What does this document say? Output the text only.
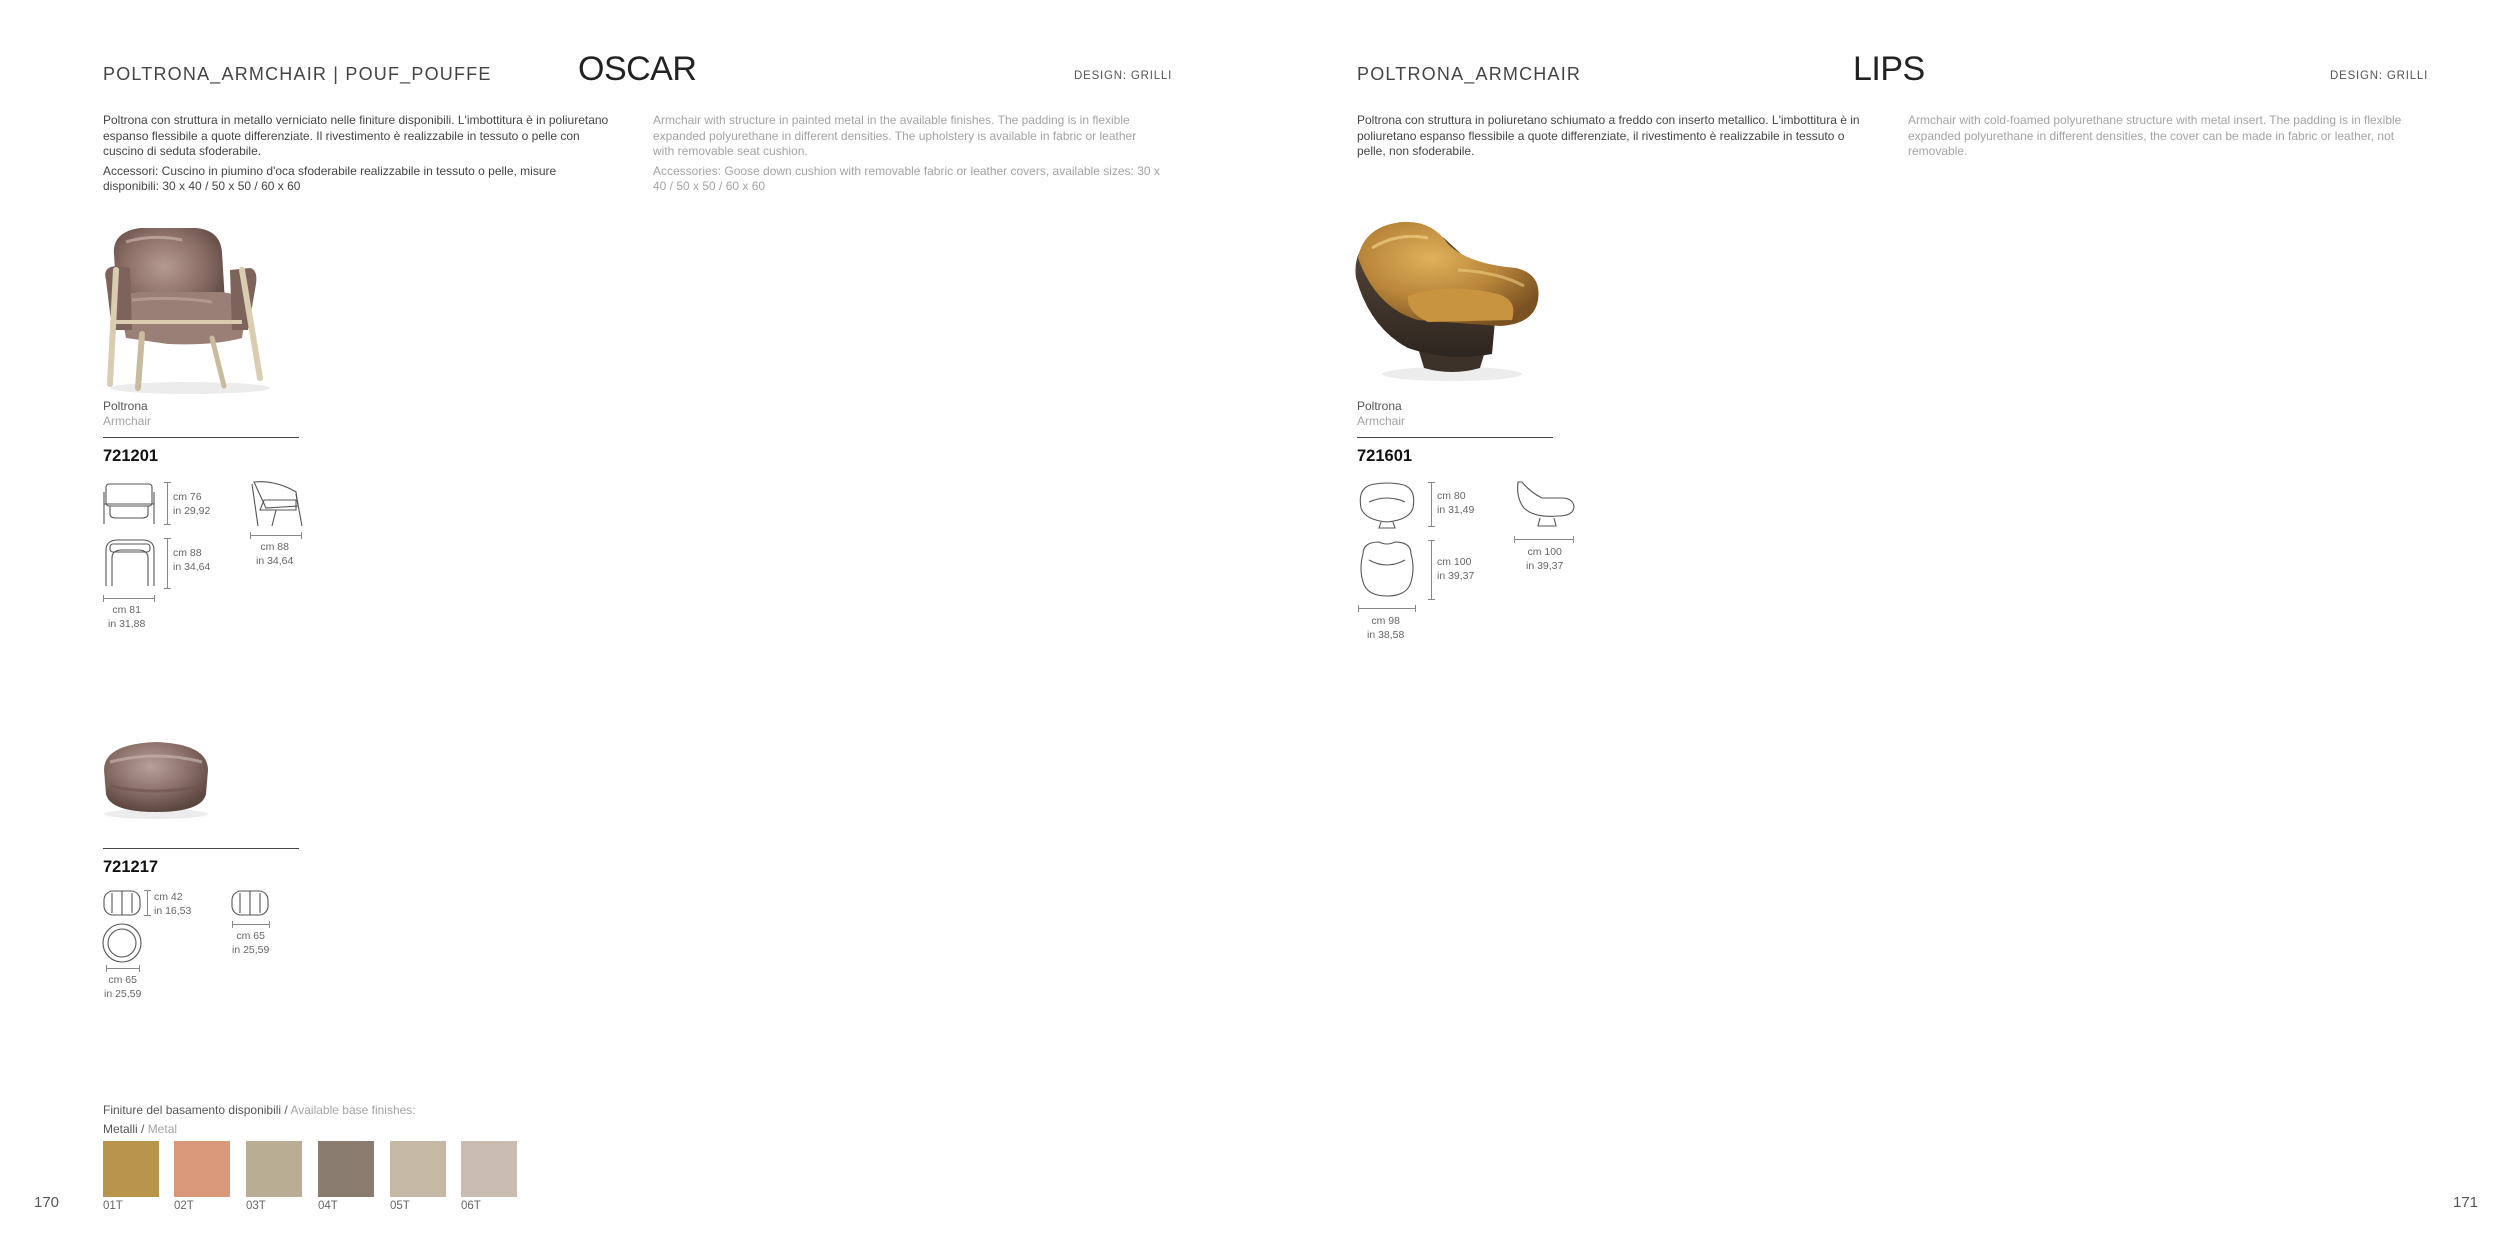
POLTRONA_ARMCHAIR | POUF_POUFFE	OSCAR	DESIGN: GRILLI

Poltrona con struttura in metallo verniciato nelle finiture disponibili. L'imbottitura è in poliuretano espanso flessibile a quote differenziate. Il rivestimento è realizzabile in tessuto o pelle con cuscino di seduta sfoderabile.

Accessori: Cuscino in piumino d'oca sfoderabile realizzabile in tessuto o pelle, misure disponibili: 30 x 40 / 50 x 50 / 60 x 60

Armchair with structure in painted metal in the available finishes. The padding is in flexible expanded polyurethane in different densities. The upholstery is available in fabric or leather with removable seat cushion.

Accessories: Goose down cushion with removable fabric or leather covers, available sizes: 30 x 40 / 50 x 50 / 60 x 60

Poltrona
Armchair
721201
cm 76
in 29,92
cm 88
in 34,64
cm 81
in 31,88
cm 88
in 34,64
721217
cm 42
in 16,53
cm 65
in 25,59
cm 65
in 25,59
Finiture del basamento disponibili / Available base finishes:
Metalli / Metal
01T	02T	03T	04T	05T	06T
170
POLTRONA_ARMCHAIR	LIPS	DESIGN: GRILLI

Poltrona con struttura in poliuretano schiumato a freddo con inserto metallico. L'imbottitura è in poliuretano espanso flessibile a quote differenziate, il rivestimento è realizzabile in tessuto o pelle, non sfoderabile.

Armchair with cold-foamed polyurethane structure with metal insert. The padding is in flexible expanded polyurethane in different densities, the cover can be made in fabric or leather, not removable.

Poltrona
Armchair
721601
cm 80
in 31,49
cm 100
in 39,37
cm 98
in 38,58
cm 100
in 39,37
171
